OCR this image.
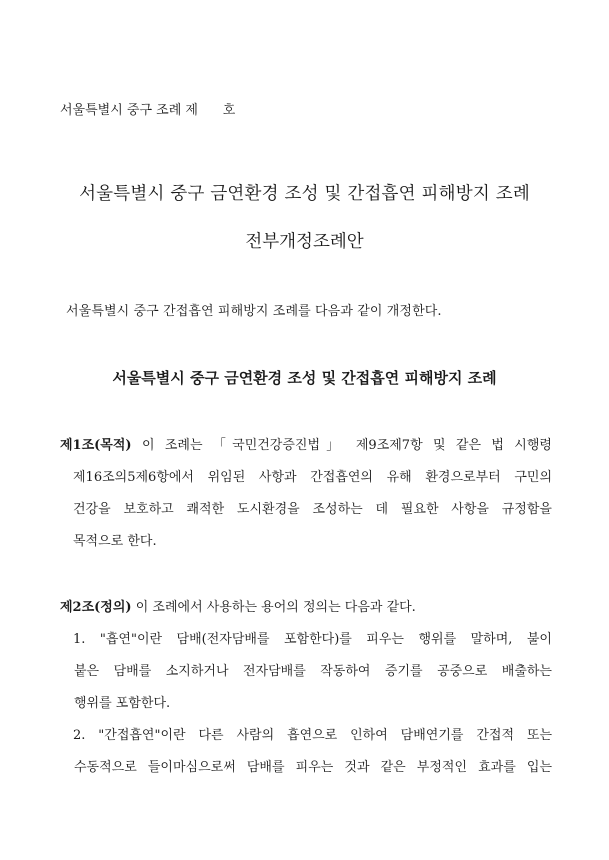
서울특별시 중구 조례 제      호
서울특별시 중구 금연환경 조성 및 간접흡연 피해방지 조례
전부개정조례안
서울특별시 중구 간접흡연 피해방지 조례를 다음과 같이 개정한다.
서울특별시 중구 금연환경 조성 및 간접흡연 피해방지 조례
제1조(목적) 이 조례는 「국민건강증진법」 제9조제7항 및 같은 법 시행령
제16조의5제6항에서 위임된 사항과 간접흡연의 유해 환경으로부터 구민의
건강을 보호하고 쾌적한 도시환경을 조성하는 데 필요한 사항을 규정함을
목적으로 한다.
제2조(정의) 이 조례에서 사용하는 용어의 정의는 다음과 같다.
1. "흡연"이란 담배(전자담배를 포함한다)를 피우는 행위를 말하며, 불이
붙은 담배를 소지하거나 전자담배를 작동하여 증기를 공중으로 배출하는
행위를 포함한다.
2. "간접흡연"이란 다른 사람의 흡연으로 인하여 담배연기를 간접적 또는
수동적으로 들이마심으로써 담배를 피우는 것과 같은 부정적인 효과를 입는
